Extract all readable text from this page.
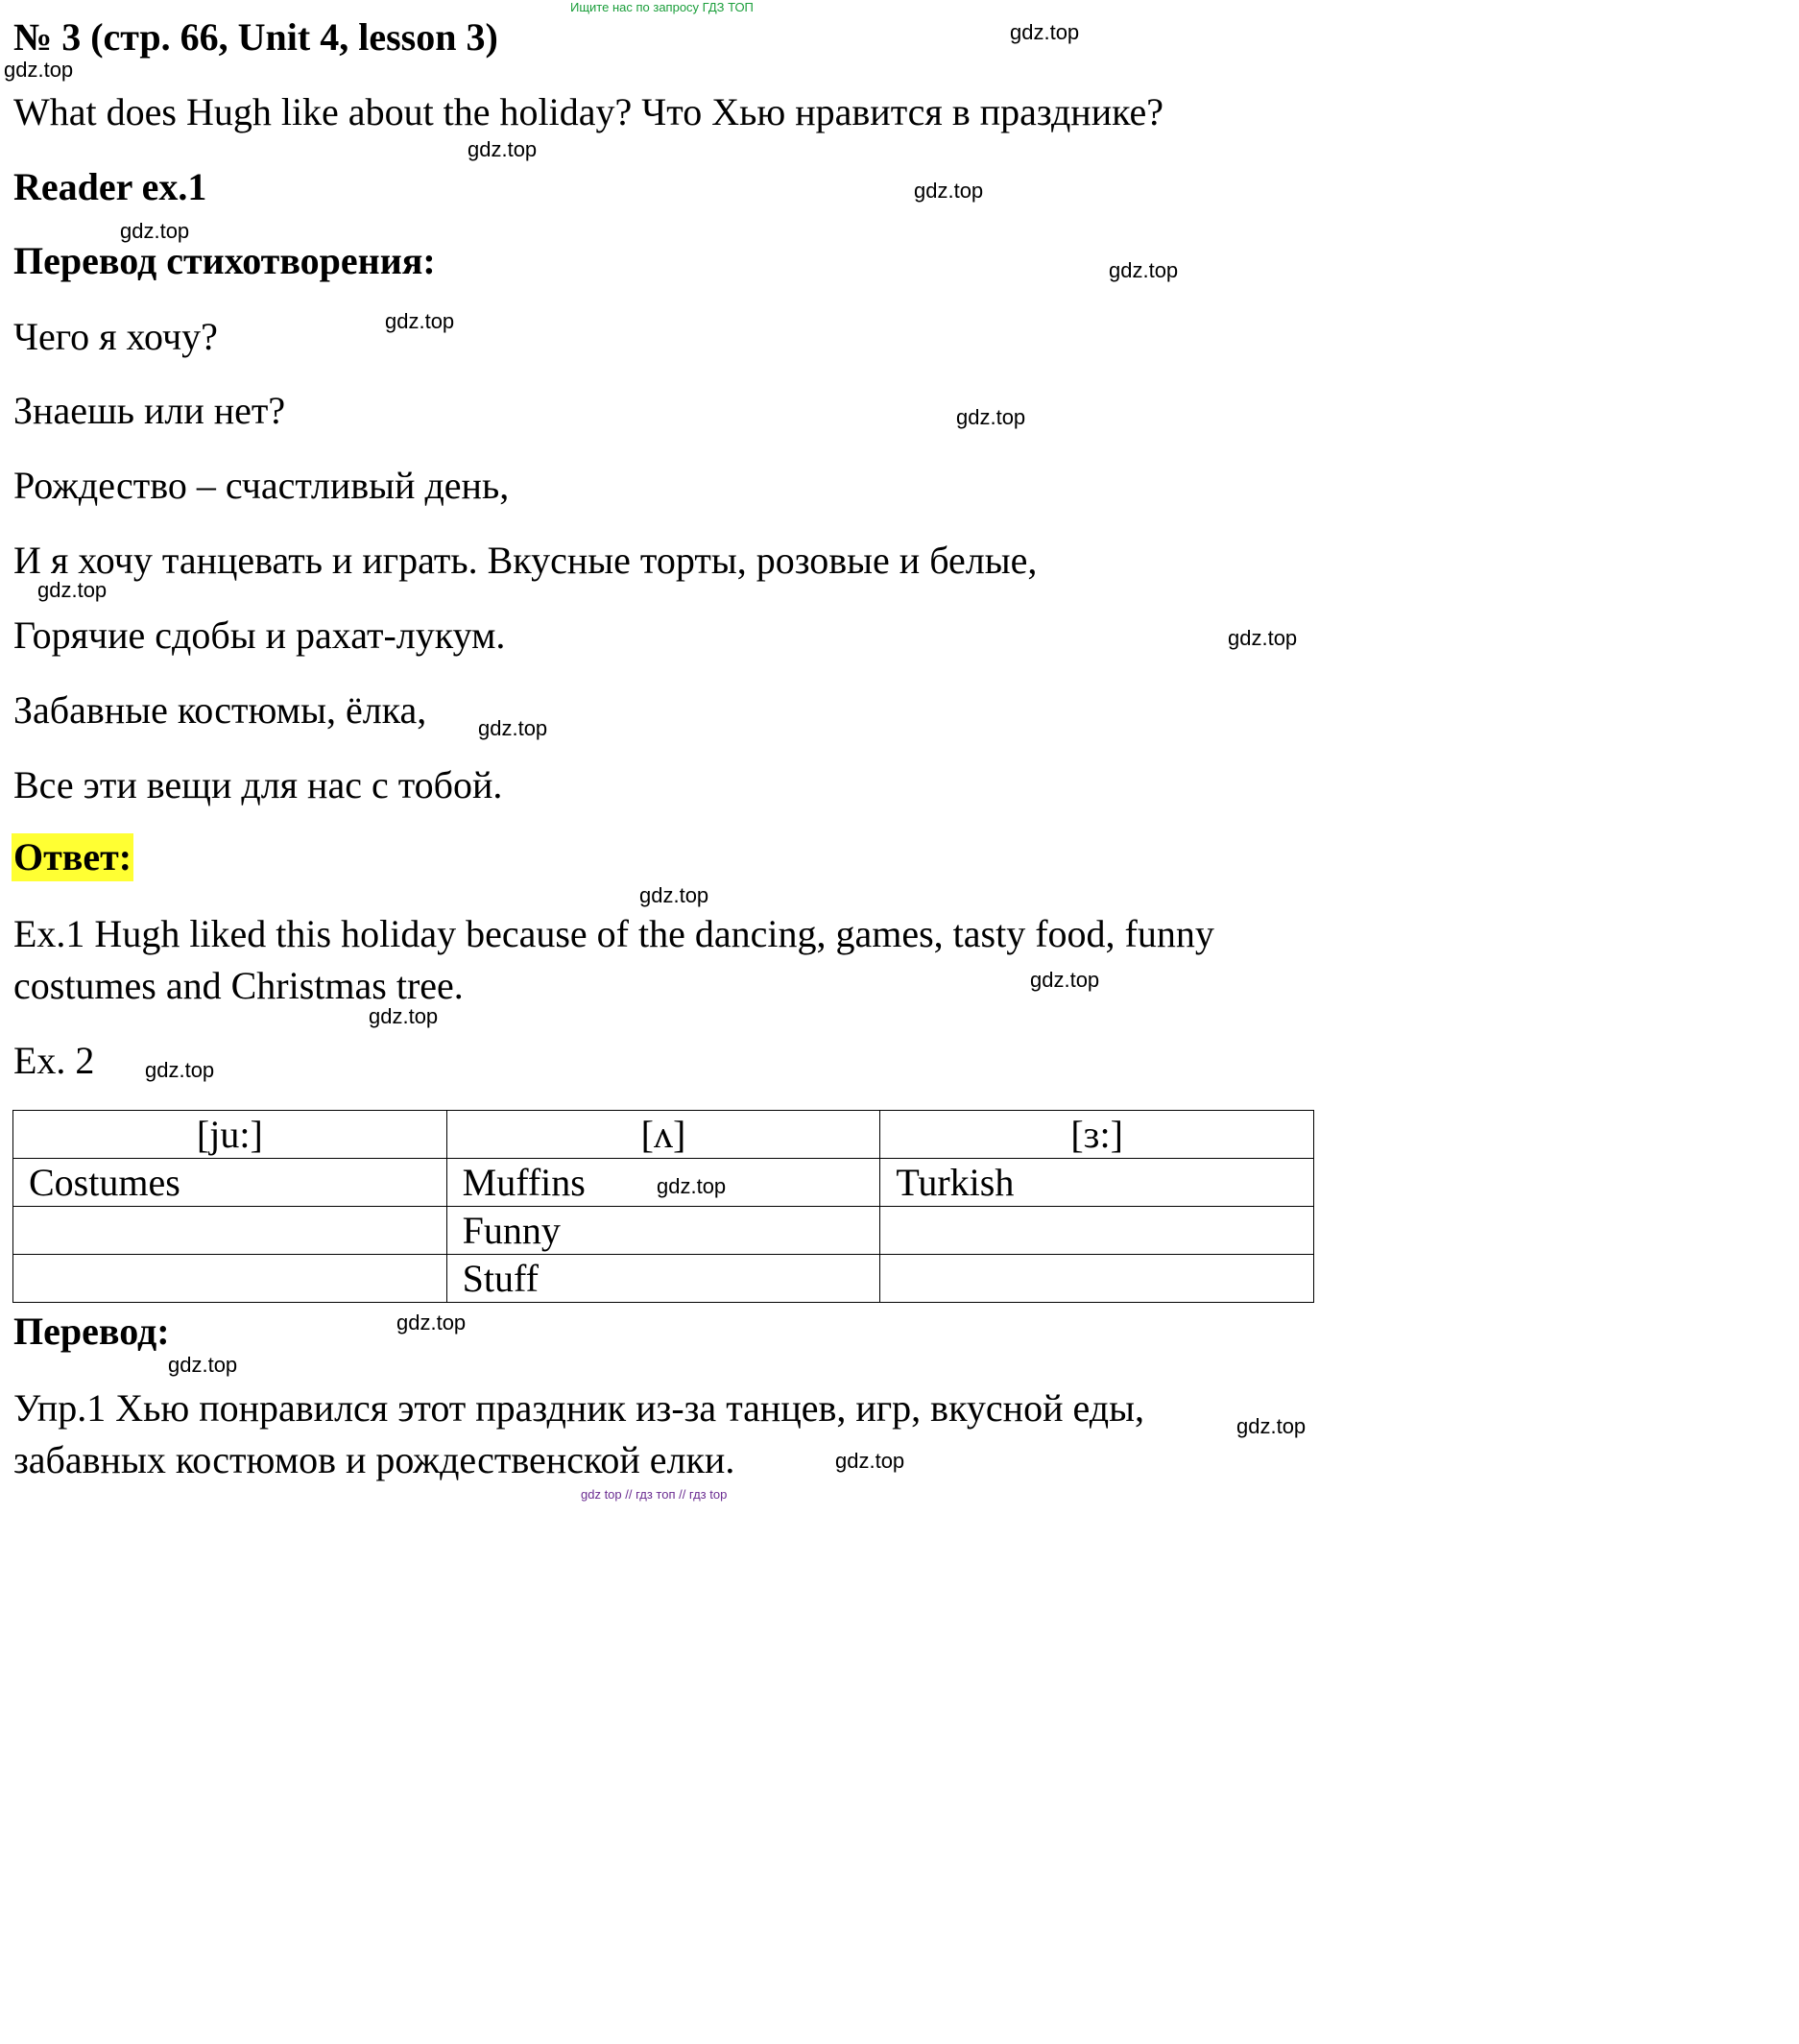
Ищите нас по запросу ГДЗ ТОП
№ 3 (стр. 66, Unit 4, lesson 3)
What does Hugh like about the holiday? Что Хью нравится в празднике?
Reader ex.1
Перевод стихотворения:
Чего я хочу?
Знаешь или нет?
Рождество – счастливый день,
И я хочу танцевать и играть. Вкусные торты, розовые и белые,
Горячие сдобы и рахат-лукум.
Забавные костюмы, ёлка,
Все эти вещи для нас с тобой.
Ответ:
Ex.1 Hugh liked this holiday because of the dancing, games, tasty food, funny costumes and Christmas tree.
Ex. 2
[ju:]	[ʌ]	[ɜ:]
Costumes	Muffins	Turkish
	Funny	
	Stuff	
Перевод:
Упр.1 Хью понравился этот праздник из-за танцев, игр, вкусной еды, забавных костюмов и рождественской елки.
gdz.top
gdz.top
gdz.top
gdz.top
gdz.top
gdz.top
gdz.top
gdz.top
gdz.top
gdz.top
gdz.top
gdz.top
gdz.top
gdz.top
gdz.top
gdz.top
gdz.top
gdz.top
gdz.top
gdz.top
gdz top // гдз топ // гдз top
